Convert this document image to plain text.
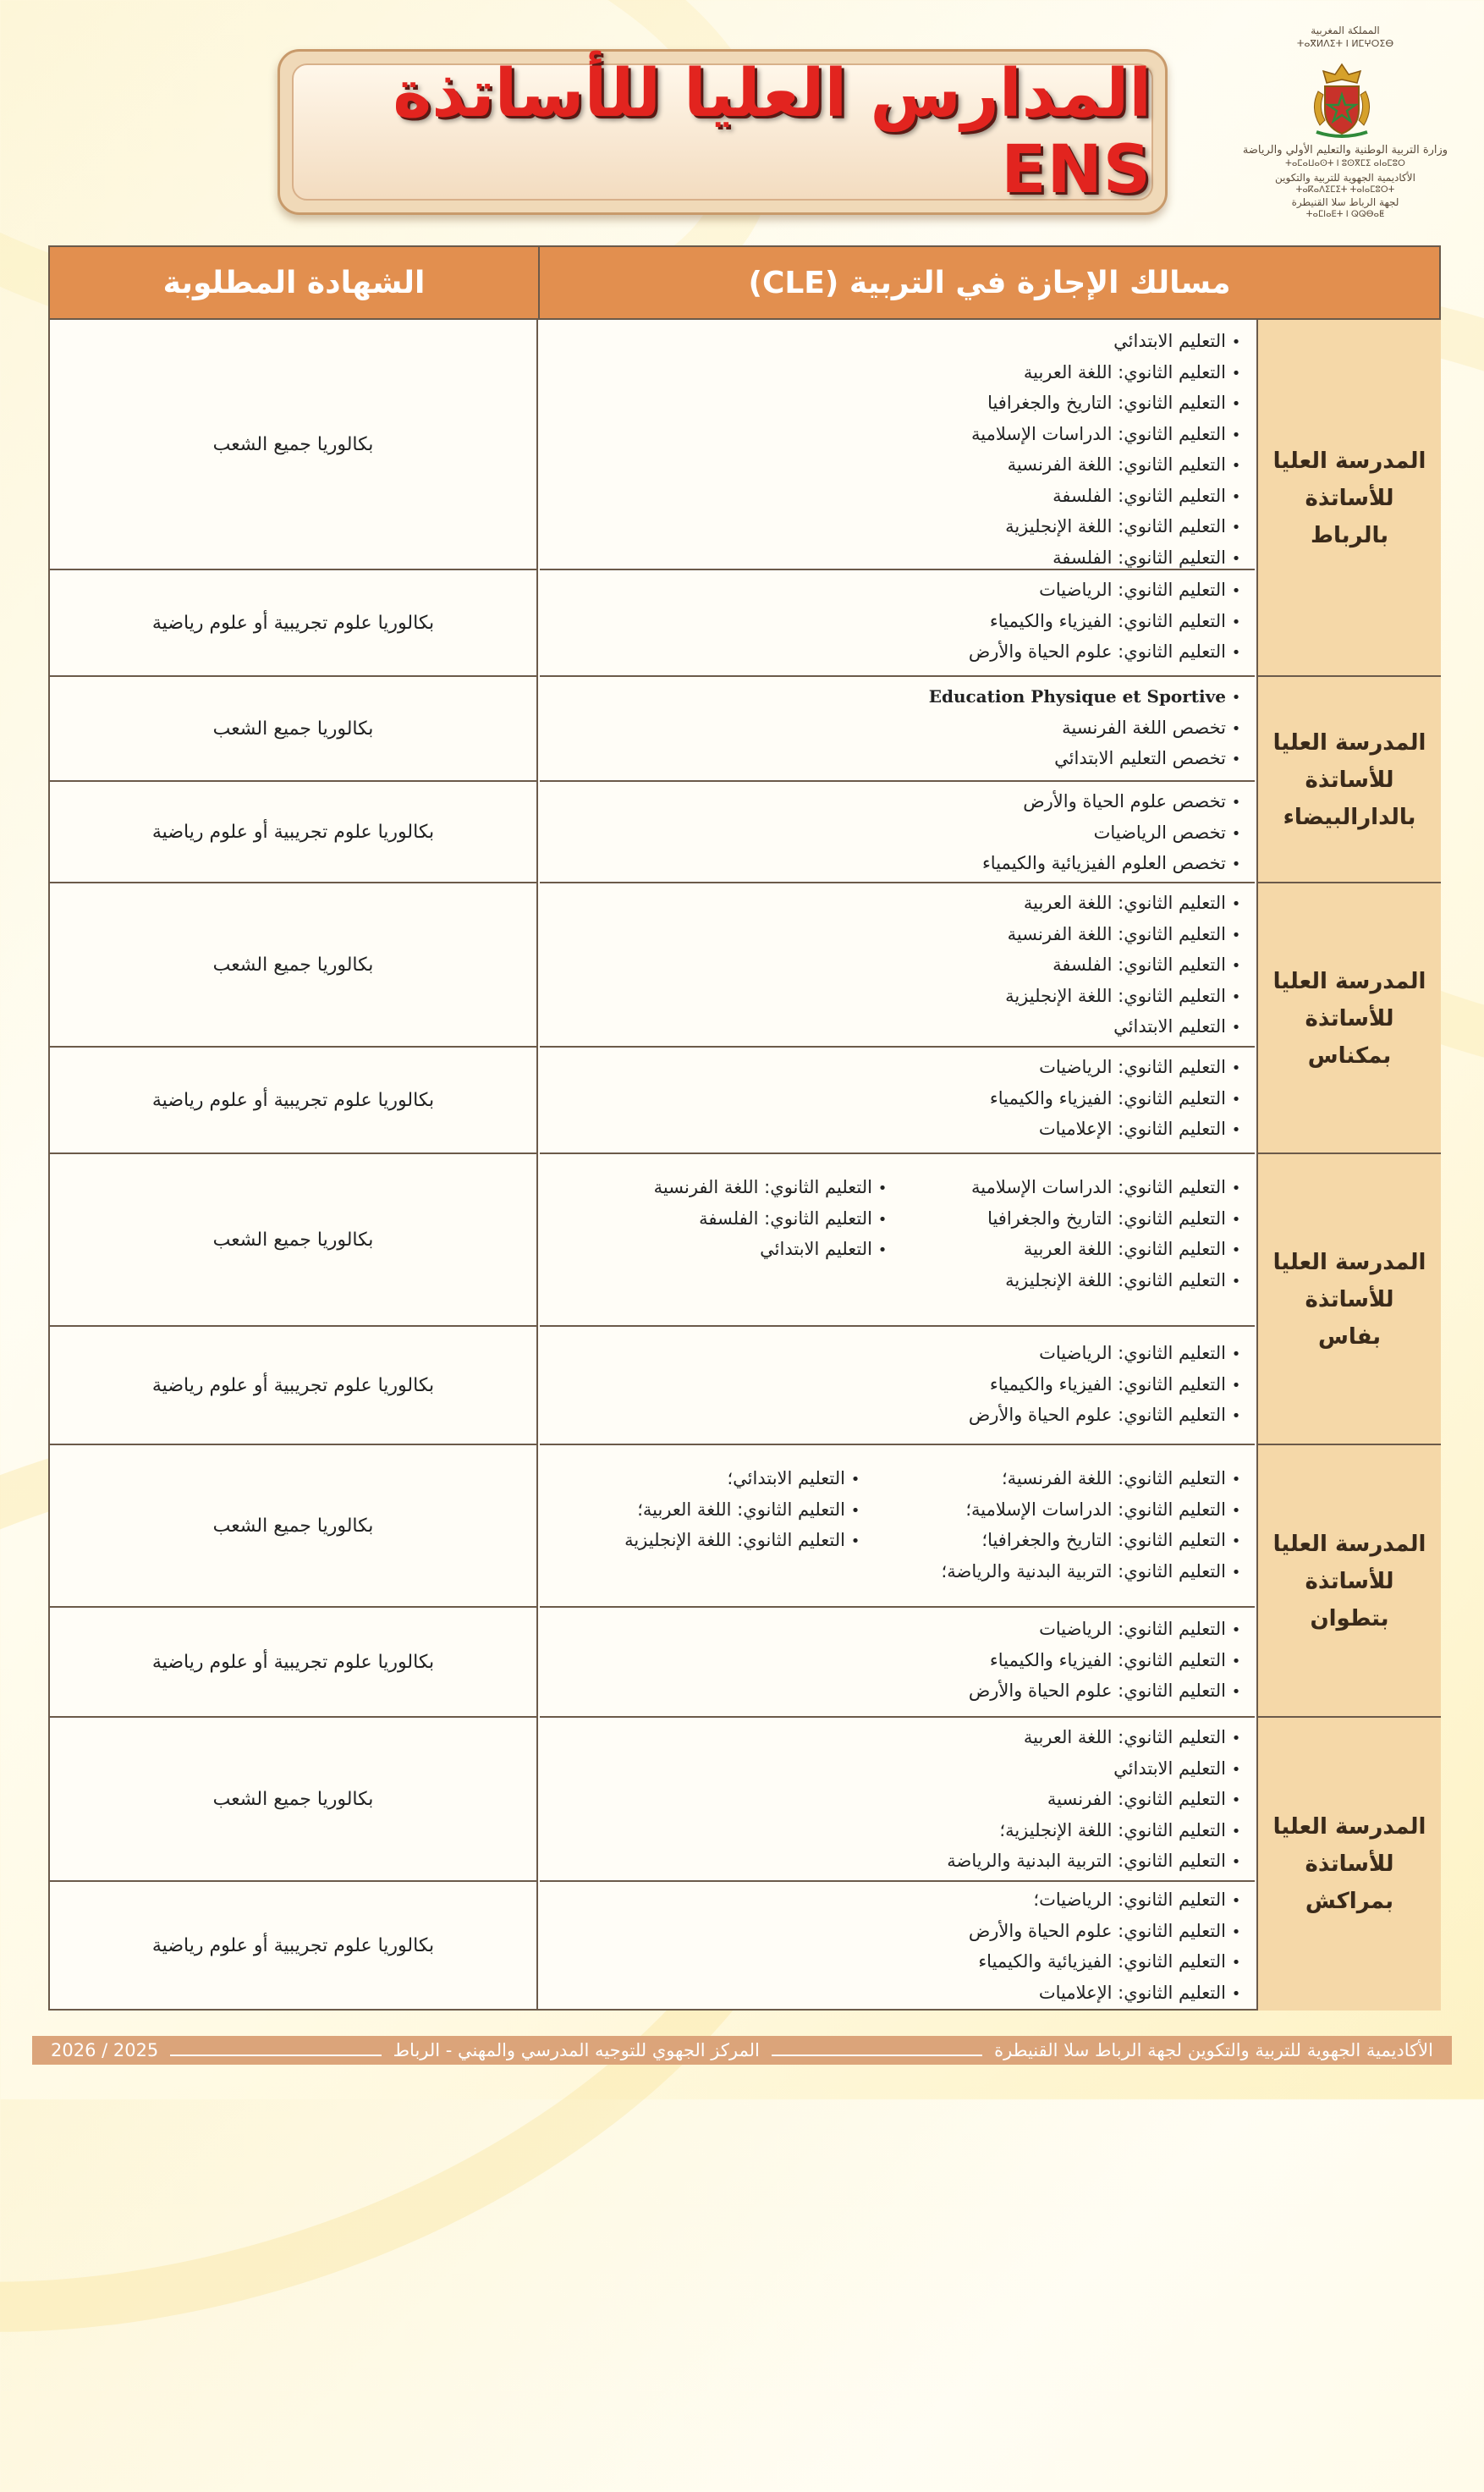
المدارس العليا للأساتذة ENS
المملكة المغربية
ⵜⴰⴳⵍⴷⵉⵜ ⵏ ⵍⵎⵖⵔⵉⴱ
وزارة التربية الوطنية والتعليم الأولي والرياضة
ⵜⴰⵎⴰⵡⴰⵙⵜ ⵏ ⵓⵙⴳⵎⵉ ⴰⵏⴰⵎⵓⵔ
الأكاديمية الجهوية للتربية والتكوين
ⵜⴰⴽⴰⴷⵉⵎⵉⵜ ⵜⴰⵏⴰⵎⵓⵔⵜ
لجهة الرباط سلا القنيطرة
ⵜⴰⵎⵏⴰⴹⵜ ⵏ ⵕⵕⴱⴰⵟ
الشهادة المطلوبة	مسالك الإجازة في التربية (CLE)
المدرسة العليا
للأساتذة
بالرباط
بكالوريا جميع الشعب
• التعليم الابتدائي
• التعليم الثانوي: اللغة العربية
• التعليم الثانوي: التاريخ والجغرافيا
• التعليم الثانوي: الدراسات الإسلامية
• التعليم الثانوي: اللغة الفرنسية
• التعليم الثانوي: الفلسفة
• التعليم الثانوي: اللغة الإنجليزية
• التعليم الثانوي: الفلسفة
بكالوريا علوم تجريبية أو علوم رياضية
• التعليم الثانوي: الرياضيات
• التعليم الثانوي: الفيزياء والكيمياء
• التعليم الثانوي: علوم الحياة والأرض
المدرسة العليا
للأساتذة
بالدارالبيضاء
بكالوريا جميع الشعب
• Education Physique et Sportive
• تخصص اللغة الفرنسية
• تخصص التعليم الابتدائي
بكالوريا علوم تجريبية أو علوم رياضية
• تخصص علوم الحياة والأرض
• تخصص الرياضيات
• تخصص العلوم الفيزيائية والكيمياء
المدرسة العليا
للأساتذة
بمكناس
بكالوريا جميع الشعب
• التعليم الثانوي: اللغة العربية
• التعليم الثانوي: اللغة الفرنسية
• التعليم الثانوي: الفلسفة
• التعليم الثانوي: اللغة الإنجليزية
• التعليم الابتدائي
بكالوريا علوم تجريبية أو علوم رياضية
• التعليم الثانوي: الرياضيات
• التعليم الثانوي: الفيزياء والكيمياء
• التعليم الثانوي: الإعلاميات
المدرسة العليا
للأساتذة
بفاس
بكالوريا جميع الشعب
• التعليم الثانوي: الدراسات الإسلامية
• التعليم الثانوي: التاريخ والجغرافيا
• التعليم الثانوي: اللغة العربية
• التعليم الثانوي: اللغة الإنجليزية
• التعليم الثانوي: اللغة الفرنسية
• التعليم الثانوي: الفلسفة
• التعليم الابتدائي
بكالوريا علوم تجريبية أو علوم رياضية
• التعليم الثانوي: الرياضيات
• التعليم الثانوي: الفيزياء والكيمياء
• التعليم الثانوي: علوم الحياة والأرض
المدرسة العليا
للأساتذة
بتطوان
بكالوريا جميع الشعب
• التعليم الثانوي: اللغة الفرنسية؛
• التعليم الثانوي: الدراسات الإسلامية؛
• التعليم الثانوي: التاريخ والجغرافيا؛
• التعليم الثانوي: التربية البدنية والرياضة؛
• التعليم الابتدائي؛
• التعليم الثانوي: اللغة العربية؛
• التعليم الثانوي: اللغة الإنجليزية
بكالوريا علوم تجريبية أو علوم رياضية
• التعليم الثانوي: الرياضيات
• التعليم الثانوي: الفيزياء والكيمياء
• التعليم الثانوي: علوم الحياة والأرض
المدرسة العليا
للأساتذة
بمراكش
بكالوريا جميع الشعب
• التعليم الثانوي: اللغة العربية
• التعليم الابتدائي
• التعليم الثانوي: الفرنسية
• التعليم الثانوي: اللغة الإنجليزية؛
• التعليم الثانوي: التربية البدنية والرياضة
بكالوريا علوم تجريبية أو علوم رياضية
• التعليم الثانوي: الرياضيات؛
• التعليم الثانوي: علوم الحياة والأرض
• التعليم الثانوي: الفيزيائية والكيمياء
• التعليم الثانوي: الإعلاميات
الأكاديمية الجهوية للتربية والتكوين لجهة الرباط سلا القنيطرة
المركز الجهوي للتوجيه المدرسي والمهني - الرباط
2026 / 2025
